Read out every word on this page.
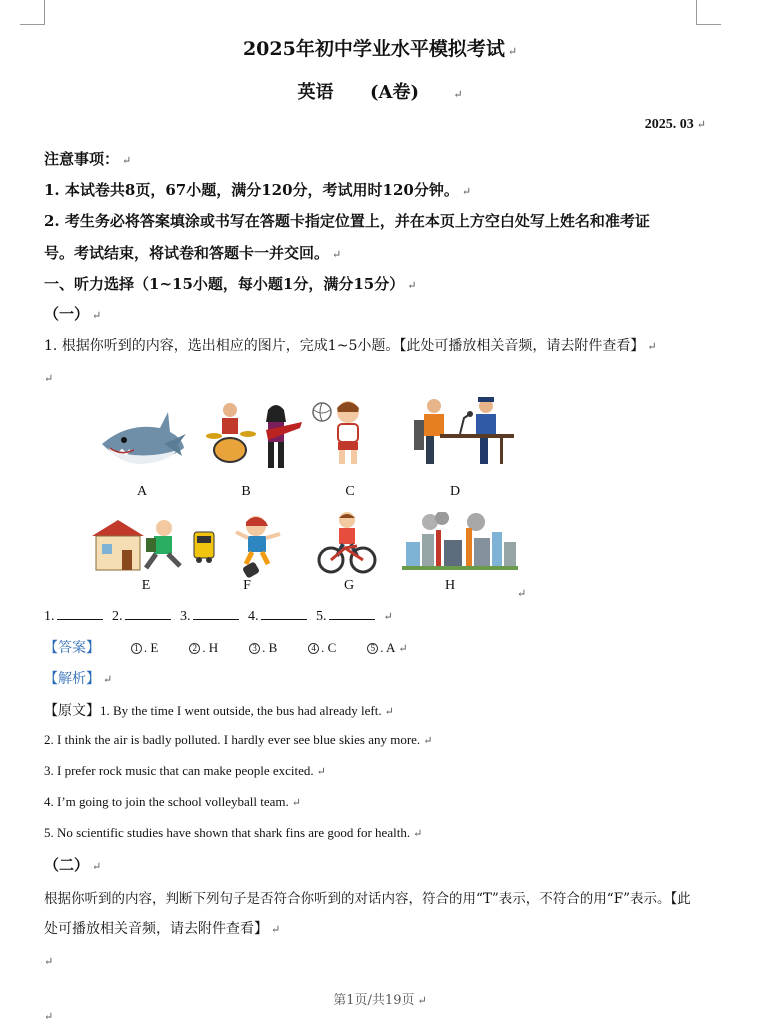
2025年初中学业水平模拟考试 ↵
英语 (A卷)	↵
2025. 03 ↵
注意事项： ↵
1. 本试卷共8页，67小题，满分120分，考试用时120分钟。 ↵
2. 考生务必将答案填涂或书写在答题卡指定位置上，并在本页上方空白处写上姓名和准考证
号。考试结束，将试卷和答题卡一并交回。 ↵
一、听力选择（1~15小题，每小题1分，满分15分） ↵
（一） ↵
1. 根据你听到的内容，选出相应的图片，完成1~5小题。【此处可播放相关音频，请去附件查看】 ↵
↵
A	B	C	D
E	F	G	H
↵
1.	2.	3.	4.	5.	↵
【答案】	1 . E	2 . H	3 . B	4 . C	5 . A ↵
【解析】 ↵
【原文】1. By the time I went outside, the bus had already left. ↵
2. I think the air is badly polluted. I hardly ever see blue skies any more. ↵
3. I prefer rock music that can make people excited. ↵
4. I’m going to join the school volleyball team. ↵
5. No scientific studies have shown that shark fins are good for health. ↵
（二） ↵
根据你听到的内容，判断下列句子是否符合你听到的对话内容，符合的用“T”表示，不符合的用“F”表示。【此
处可播放相关音频，请去附件查看】 ↵
↵
第1页/共19页 ↵
↵
